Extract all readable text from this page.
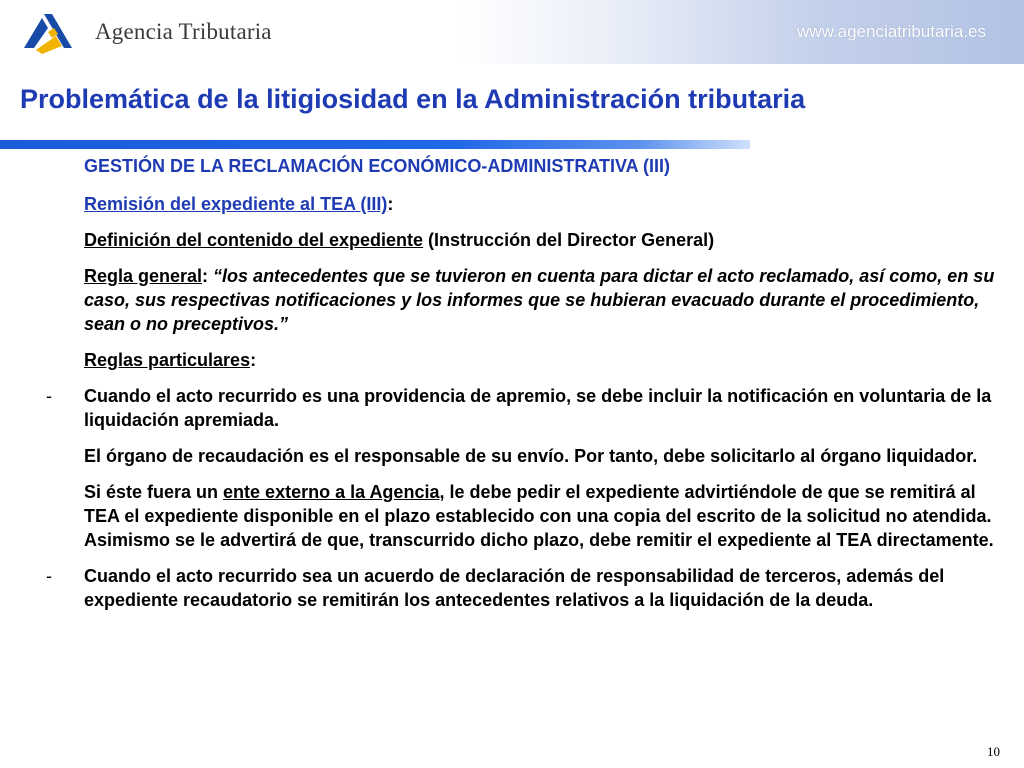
Agencia Tributaria	www.agenciatributaria.es
Problemática de la litigiosidad en la Administración tributaria
GESTIÓN DE LA RECLAMACIÓN ECONÓMICO-ADMINISTRATIVA (III)
Remisión del expediente al TEA (III):
Definición del contenido del expediente (Instrucción del Director General)
Regla general: “los antecedentes que se tuvieron en cuenta para dictar el acto reclamado, así como, en su caso, sus respectivas notificaciones y los informes que se hubieran evacuado durante el procedimiento, sean o no preceptivos.”
Reglas particulares:
- Cuando el acto recurrido es una providencia de apremio, se debe incluir la notificación en voluntaria de la liquidación apremiada.
El órgano de recaudación es el responsable de su envío. Por tanto, debe solicitarlo al órgano liquidador.
Si éste fuera un ente externo a la Agencia, le debe pedir el expediente advirtiéndole de que se remitirá al TEA el expediente disponible en el plazo establecido con una copia del escrito de la solicitud no atendida. Asimismo se le advertirá de que, transcurrido dicho plazo, debe remitir el expediente al TEA directamente.
- Cuando el acto recurrido sea un acuerdo de declaración de responsabilidad de terceros, además del expediente recaudatorio se remitirán los antecedentes relativos a la liquidación de la deuda.
10
